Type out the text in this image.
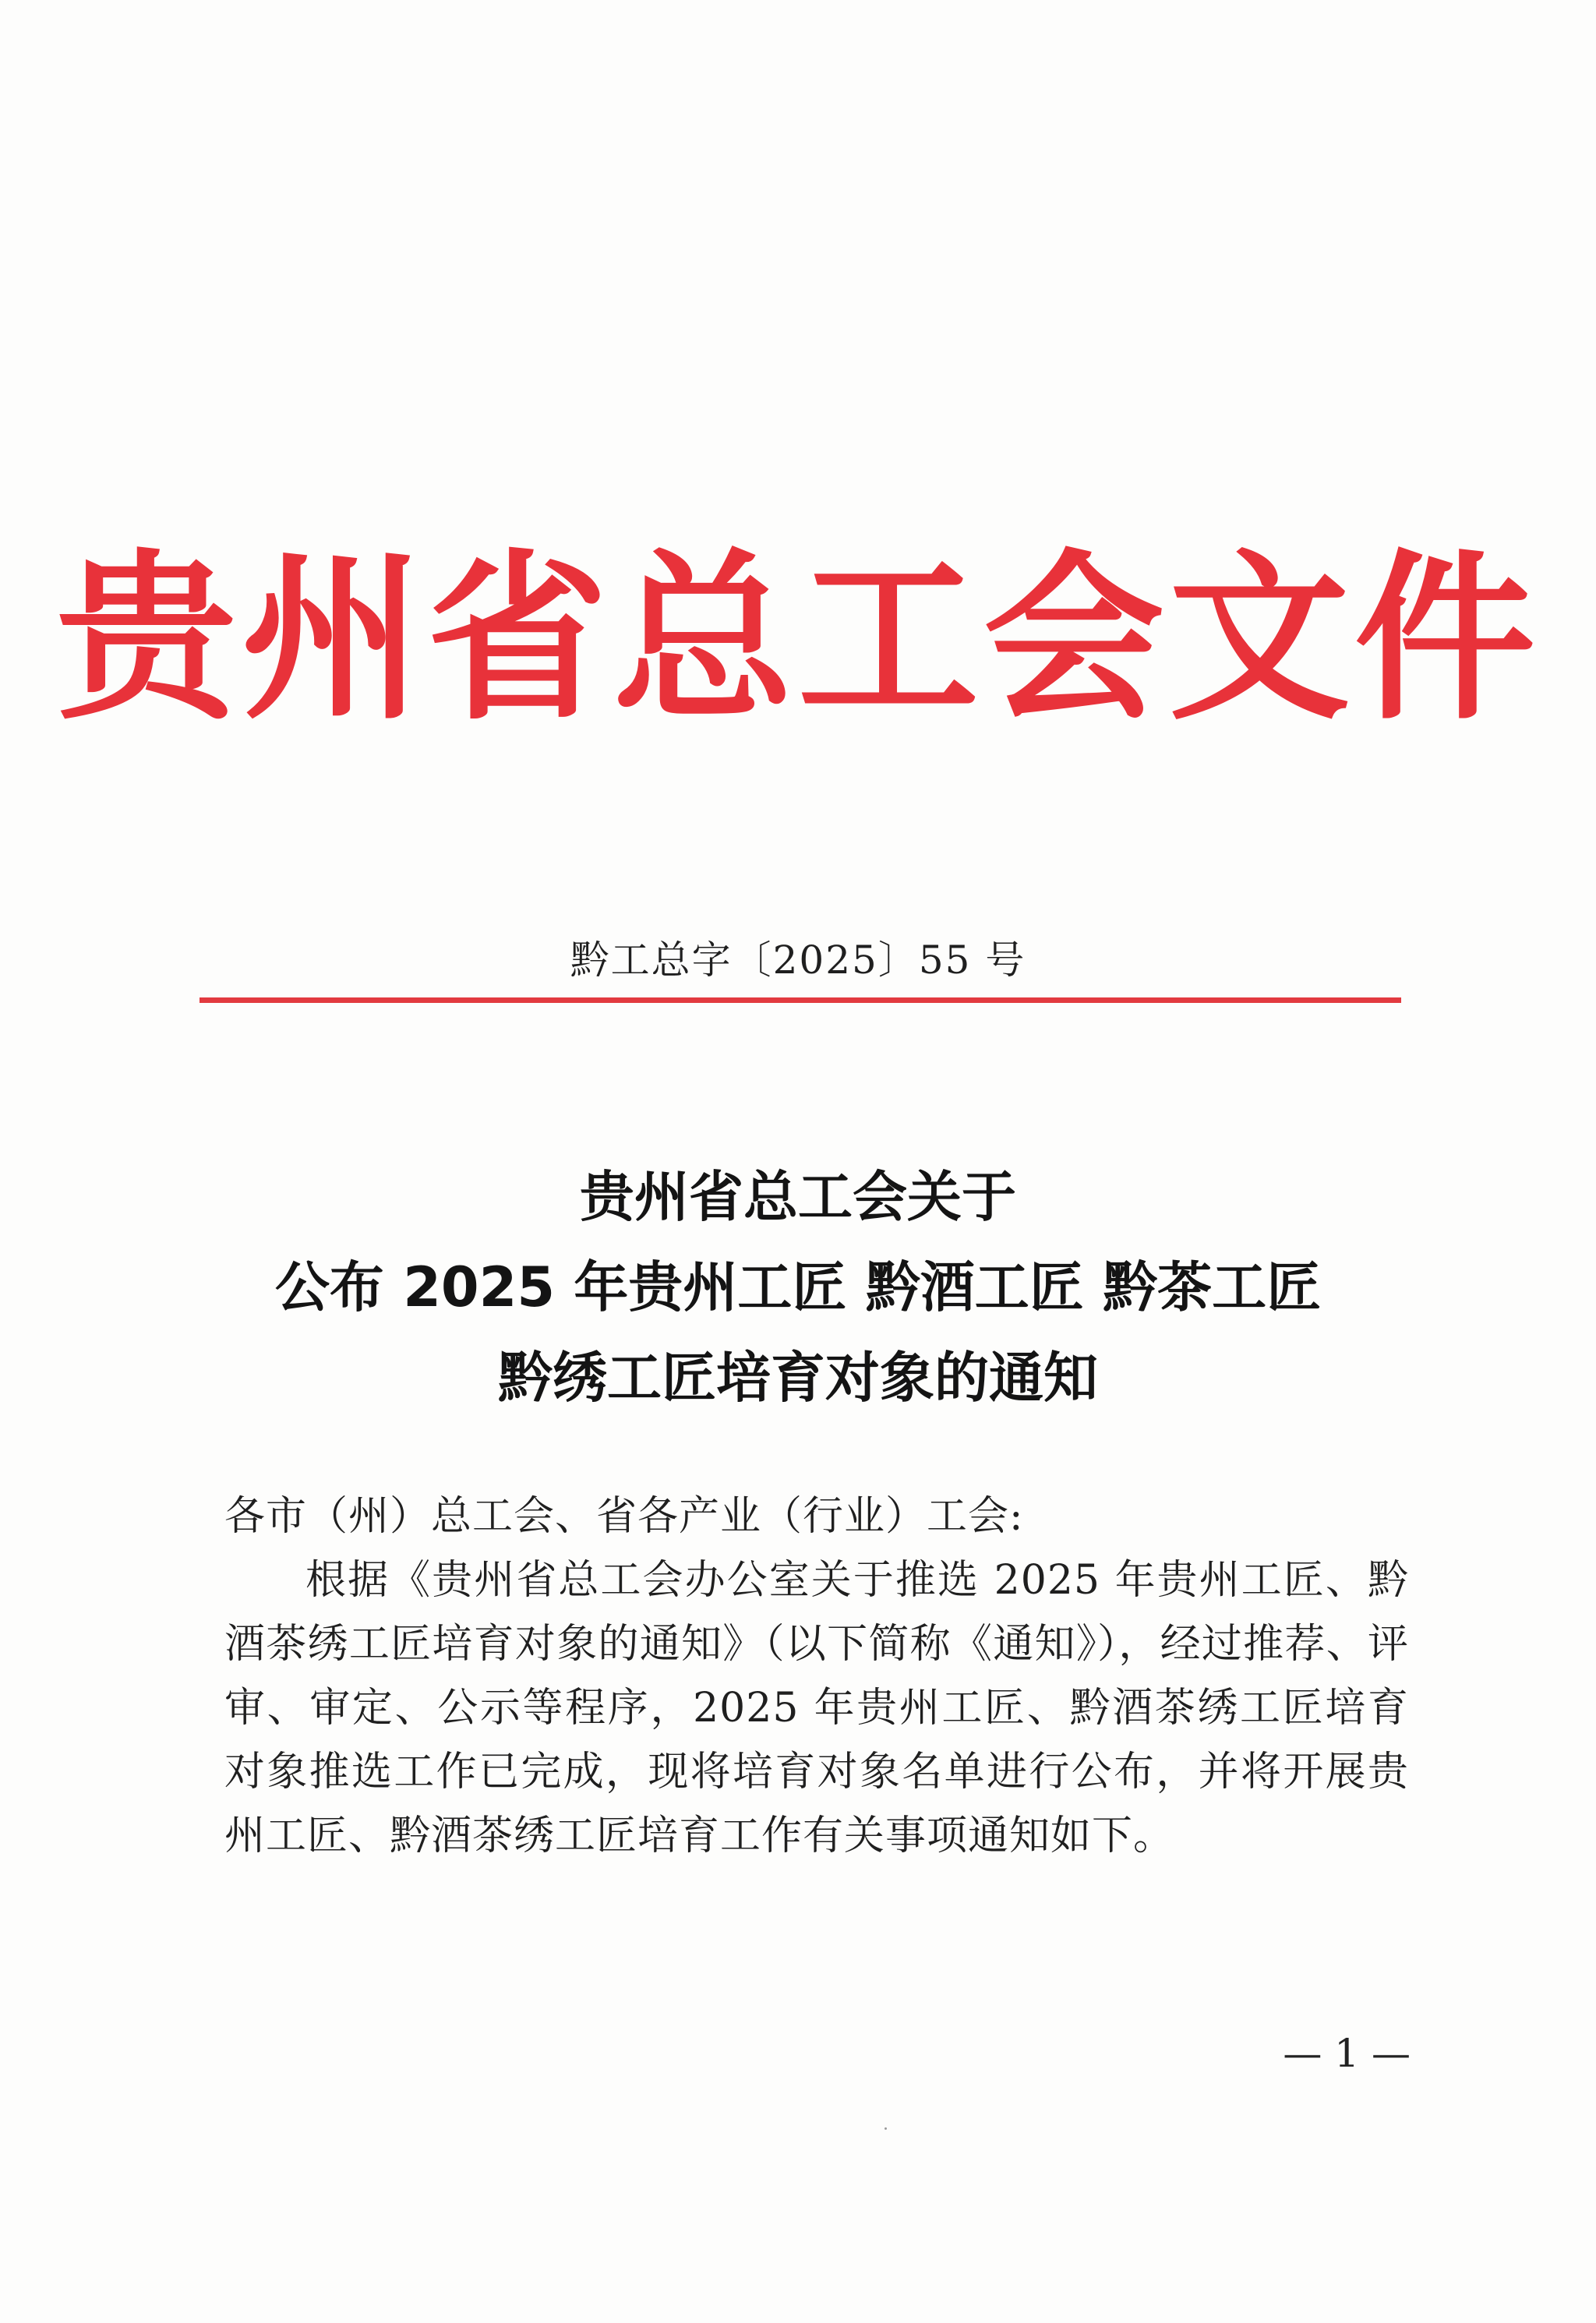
贵州省总工会文件
黔工总字〔2025〕55 号
贵州省总工会关于
公布 2025 年贵州工匠 黔酒工匠 黔茶工匠
黔绣工匠培育对象的通知
各市（州）总工会、省各产业（行业）工会:

根据《贵州省总工会办公室关于推选 2025 年贵州工匠、黔酒茶绣工匠培育对象的通知》（以下简称《通知》），经过推荐、评审、审定、公示等程序，2025 年贵州工匠、黔酒茶绣工匠培育对象推选工作已完成，现将培育对象名单进行公布，并将开展贵州工匠、黔酒茶绣工匠培育工作有关事项通知如下。

— 1 —
